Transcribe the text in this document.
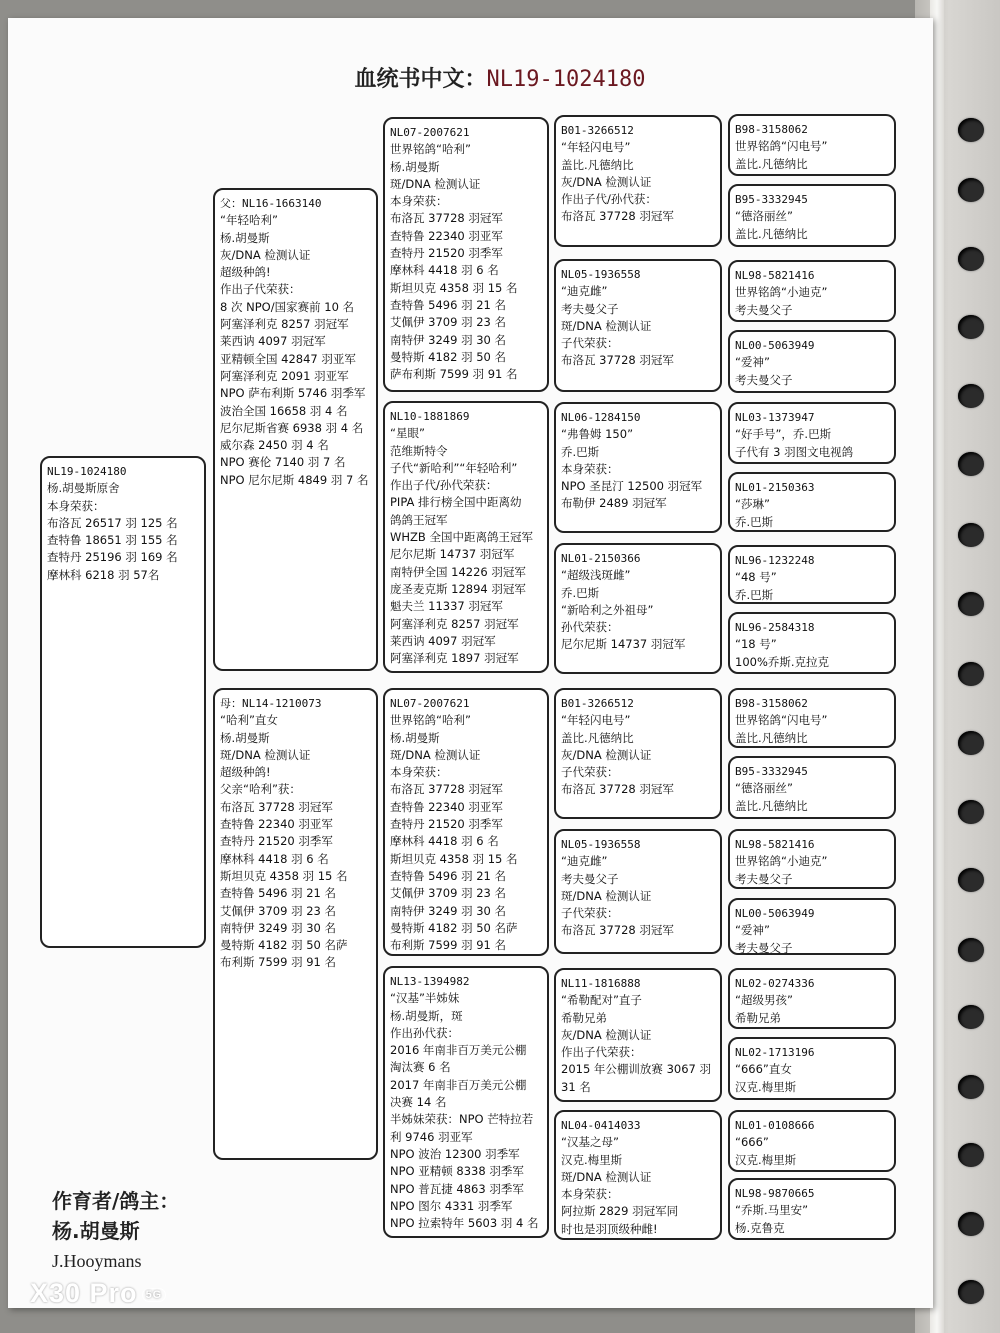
血统书中文：NL19-1024180
NL19-1024180
杨.胡曼斯原舍
本身荣获：
布洛瓦 26517 羽 125 名
查特鲁 18651 羽 155 名
查特丹 25196 羽 169 名
摩林科 6218 羽 57名
父：NL16-1663140
“年轻哈利”
杨.胡曼斯
灰/DNA 检测认证
超级种鸽!
作出子代荣获：
8 次 NPO/国家赛前 10 名
阿塞泽利克 8257 羽冠军
莱西讷 4097 羽冠军
亚精顿全国 42847 羽亚军
阿塞泽利克 2091 羽亚军
NPO 萨布利斯 5746 羽季军
波治全国 16658 羽 4 名
尼尔尼斯省赛 6938 羽 4 名
威尔森 2450 羽 4 名
NPO 赛伦 7140 羽 7 名
NPO 尼尔尼斯 4849 羽 7 名
母：NL14-1210073
“哈利”直女
杨.胡曼斯
斑/DNA 检测认证
超级种鸽!
父亲“哈利”获：
布洛瓦 37728 羽冠军
查特鲁 22340 羽亚军
查特丹 21520 羽季军
摩林科 4418 羽 6 名
斯坦贝克 4358 羽 15 名
查特鲁 5496 羽 21 名
艾佩伊 3709 羽 23 名
南特伊 3249 羽 30 名
曼特斯 4182 羽 50 名萨
布利斯 7599 羽 91 名
NL07-2007621
世界铭鸽“哈利”
杨.胡曼斯
斑/DNA 检测认证
本身荣获：
布洛瓦 37728 羽冠军
查特鲁 22340 羽亚军
查特丹 21520 羽季军
摩林科 4418 羽 6 名
斯坦贝克 4358 羽 15 名
查特鲁 5496 羽 21 名
艾佩伊 3709 羽 23 名
南特伊 3249 羽 30 名
曼特斯 4182 羽 50 名
萨布利斯 7599 羽 91 名
NL10-1881869
“星眼”
范维斯特令
子代“新哈利”“年轻哈利”
作出子代/孙代荣获：
PIPA 排行榜全国中距离幼
鸽鸽王冠军
WHZB 全国中距离鸽王冠军
尼尔尼斯 14737 羽冠军
南特伊全国 14226 羽冠军
庞圣麦克斯 12894 羽冠军
魁夫兰 11337 羽冠军
阿塞泽利克 8257 羽冠军
莱西讷 4097 羽冠军
阿塞泽利克 1897 羽冠军
NL07-2007621
世界铭鸽“哈利”
杨.胡曼斯
斑/DNA 检测认证
本身荣获：
布洛瓦 37728 羽冠军
查特鲁 22340 羽亚军
查特丹 21520 羽季军
摩林科 4418 羽 6 名
斯坦贝克 4358 羽 15 名
查特鲁 5496 羽 21 名
艾佩伊 3709 羽 23 名
南特伊 3249 羽 30 名
曼特斯 4182 羽 50 名萨
布利斯 7599 羽 91 名
NL13-1394982
“汉基”半姊妹
杨.胡曼斯，斑
作出孙代获：
2016 年南非百万美元公棚
淘汰赛 6 名
2017 年南非百万美元公棚
决赛 14 名
半姊妹荣获：NPO 芒特拉若
利 9746 羽亚军
NPO 波治 12300 羽季军
NPO 亚精顿 8338 羽季军
NPO 普瓦捷 4863 羽季军
NPO 图尔 4331 羽季军
NPO 拉索特年 5603 羽 4 名
B01-3266512
“年轻闪电号”
盖比.凡德纳比
灰/DNA 检测认证
作出子代/孙代获：
布洛瓦 37728 羽冠军
NL05-1936558
“迪克雌”
考夫曼父子
斑/DNA 检测认证
子代荣获：
布洛瓦 37728 羽冠军
NL06-1284150
“弗鲁姆 150”
乔.巴斯
本身荣获：
NPO 圣昆汀 12500 羽冠军
布勒伊 2489 羽冠军
NL01-2150366
“超级浅斑雌”
乔.巴斯
“新哈利之外祖母”
孙代荣获：
尼尔尼斯 14737 羽冠军
B01-3266512
“年轻闪电号”
盖比.凡德纳比
灰/DNA 检测认证
子代荣获：
布洛瓦 37728 羽冠军
NL05-1936558
“迪克雌”
考夫曼父子
斑/DNA 检测认证
子代荣获：
布洛瓦 37728 羽冠军
NL11-1816888
“希勒配对”直子
希勒兄弟
灰/DNA 检测认证
作出子代荣获：
2015 年公棚训放赛 3067 羽
31 名
NL04-0414033
“汉基之母”
汉克.梅里斯
斑/DNA 检测认证
本身荣获：
阿拉斯 2829 羽冠军同
时也是羽顶级种雌!
B98-3158062
世界铭鸽“闪电号”
盖比.凡德纳比
B95-3332945
“德洛丽丝”
盖比.凡德纳比
NL98-5821416
世界铭鸽“小迪克”
考夫曼父子
NL00-5063949
“爱神”
考夫曼父子
NL03-1373947
“好手号”，乔.巴斯
子代有 3 羽图文电视鸽
NL01-2150363
“莎琳”
乔.巴斯
NL96-1232248
“48 号”
乔.巴斯
NL96-2584318
“18 号”
100%乔斯.克拉克
B98-3158062
世界铭鸽“闪电号”
盖比.凡德纳比
B95-3332945
“德洛丽丝”
盖比.凡德纳比
NL98-5821416
世界铭鸽“小迪克”
考夫曼父子
NL00-5063949
“爱神”
考夫曼父子
NL02-0274336
“超级男孩”
希勒兄弟
NL02-1713196
“666”直女
汉克.梅里斯
NL01-0108666
“666”
汉克.梅里斯
NL98-9870665
“乔斯.马里安”
杨.克鲁克
作育者/鸽主：
杨.胡曼斯
J.Hooymans
X30 Pro 5G
